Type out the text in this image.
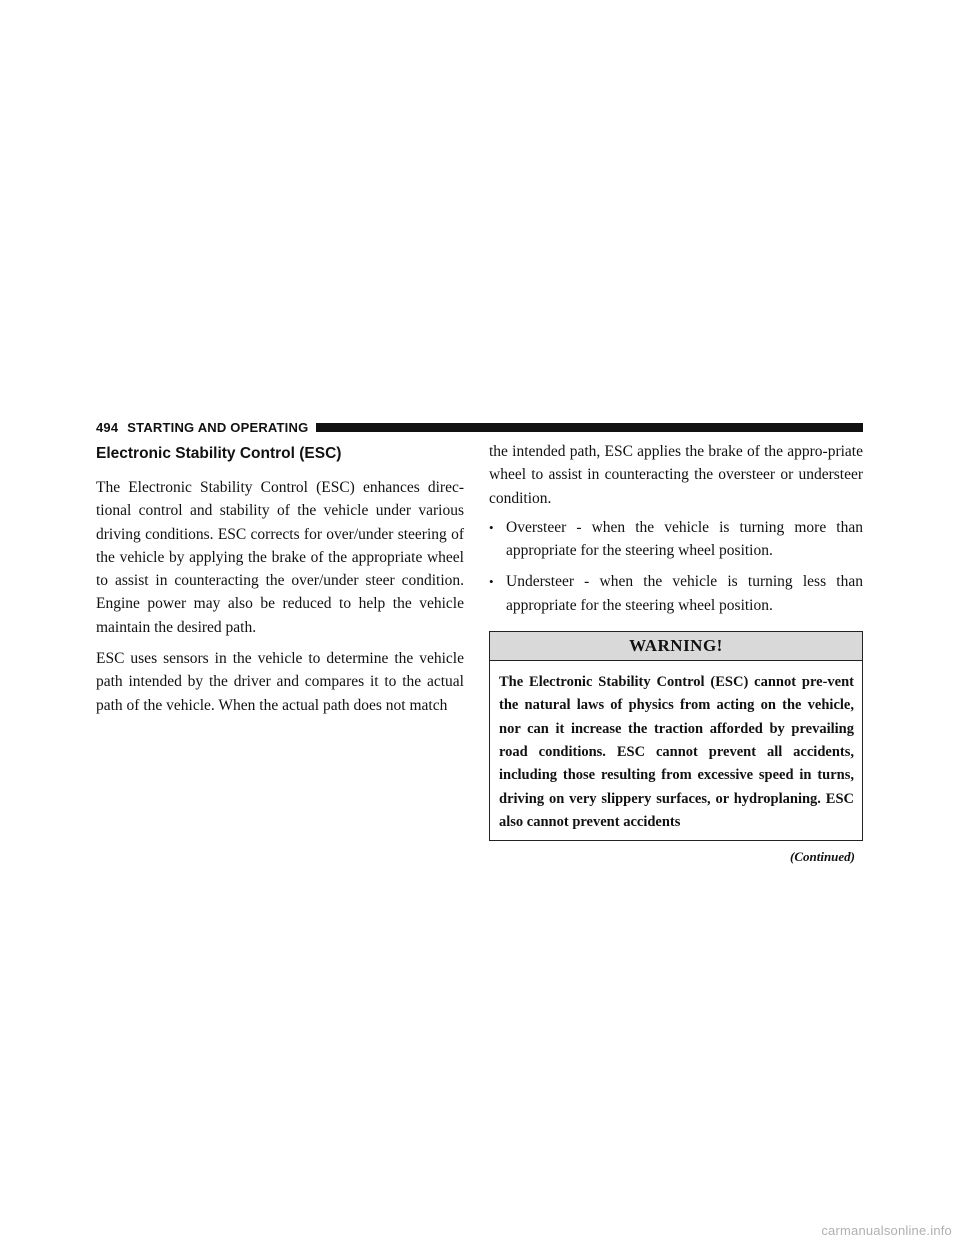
494 STARTING AND OPERATING
Electronic Stability Control (ESC)

The Electronic Stability Control (ESC) enhances direc-tional control and stability of the vehicle under various driving conditions. ESC corrects for over/under steering of the vehicle by applying the brake of the appropriate wheel to assist in counteracting the over/under steer condition. Engine power may also be reduced to help the vehicle maintain the desired path.

ESC uses sensors in the vehicle to determine the vehicle path intended by the driver and compares it to the actual path of the vehicle. When the actual path does not match

the intended path, ESC applies the brake of the appro-priate wheel to assist in counteracting the oversteer or understeer condition.

• Oversteer - when the vehicle is turning more than appropriate for the steering wheel position.
• Understeer - when the vehicle is turning less than appropriate for the steering wheel position.
WARNING!
The Electronic Stability Control (ESC) cannot pre-vent the natural laws of physics from acting on the vehicle, nor can it increase the traction afforded by prevailing road conditions. ESC cannot prevent all accidents, including those resulting from excessive speed in turns, driving on very slippery surfaces, or hydroplaning. ESC also cannot prevent accidents
(Continued)
carmanualsonline.info
